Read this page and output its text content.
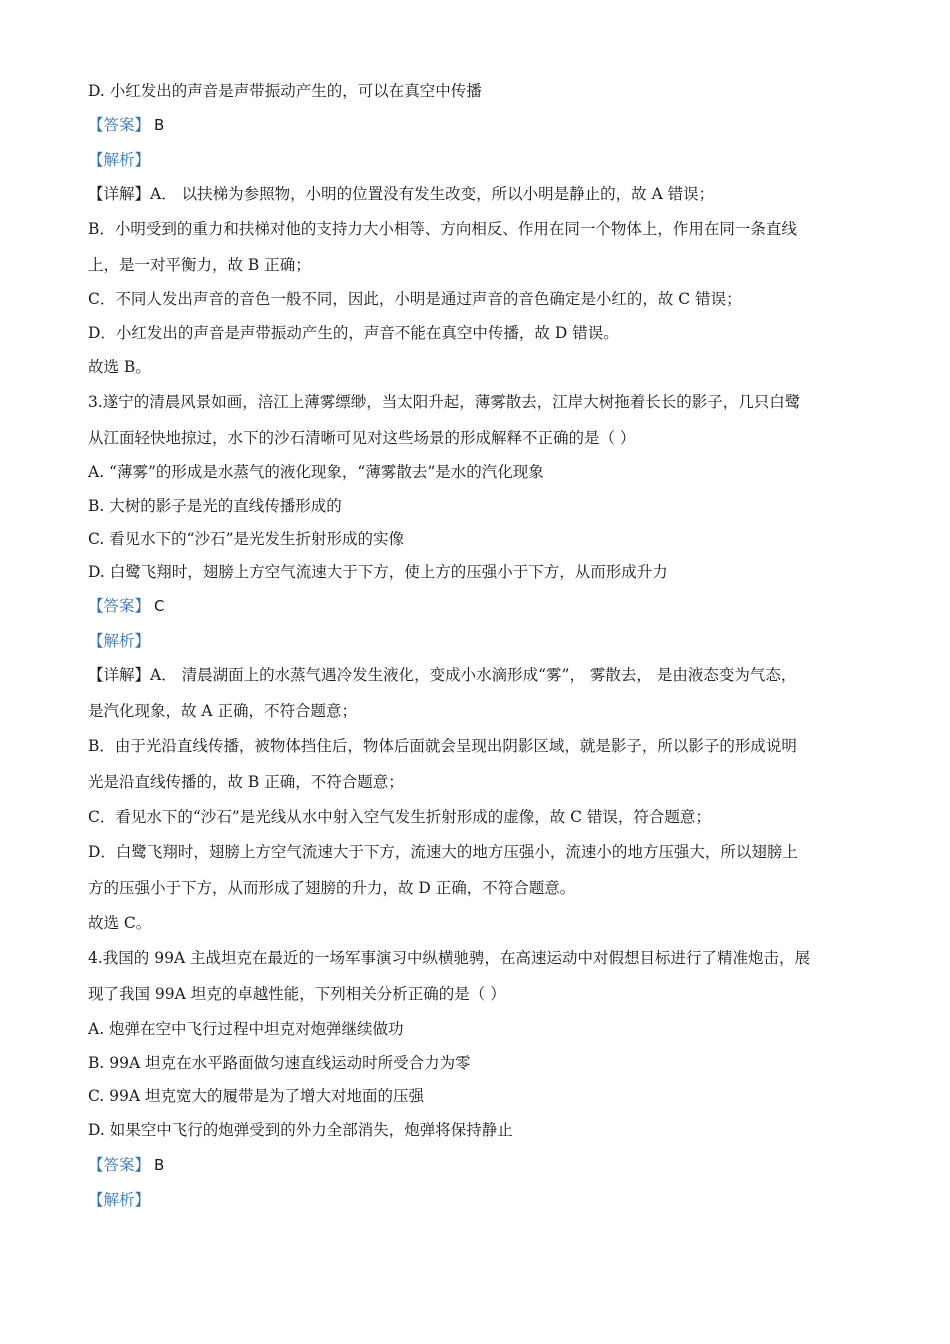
D. 小红发出的声音是声带振动产生的，可以在真空中传播
【答案】 B
【解析】
【详解】A． 以扶梯为参照物，小明的位置没有发生改变，所以小明是静止的，故 A 错误；
B．小明受到的重力和扶梯对他的支持力大小相等、方向相反、作用在同一个物体上，作用在同一条直线
上，是一对平衡力，故 B 正确；
C．不同人发出声音的音色一般不同，因此，小明是通过声音的音色确定是小红的，故 C 错误；
D．小红发出的声音是声带振动产生的，声音不能在真空中传播，故 D 错误。
故选 B。
3.遂宁的清晨风景如画，涪江上薄雾缥缈，当太阳升起，薄雾散去，江岸大树拖着长长的影子，几只白鹭
从江面轻快地掠过，水下的沙石清晰可见对这些场景的形成解释不正确的是（ ）
A. “薄雾”的形成是水蒸气的液化现象，“薄雾散去”是水的汽化现象
B. 大树的影子是光的直线传播形成的
C. 看见水下的“沙石”是光发生折射形成的实像
D. 白鹭飞翔时，翅膀上方空气流速大于下方，使上方的压强小于下方，从而形成升力
【答案】 C
【解析】
【详解】A． 清晨湖面上的水蒸气遇冷发生液化，变成小水滴形成“雾”， 雾散去， 是由液态变为气态，
是汽化现象，故 A 正确，不符合题意；
B．由于光沿直线传播，被物体挡住后，物体后面就会呈现出阴影区域，就是影子，所以影子的形成说明
光是沿直线传播的，故 B 正确，不符合题意；
C．看见水下的“沙石”是光线从水中射入空气发生折射形成的虚像，故 C 错误，符合题意；
D．白鹭飞翔时，翅膀上方空气流速大于下方，流速大的地方压强小，流速小的地方压强大，所以翅膀上
方的压强小于下方，从而形成了翅膀的升力，故 D 正确，不符合题意。
故选 C。
4.我国的 99A 主战坦克在最近的一场军事演习中纵横驰骋，在高速运动中对假想目标进行了精准炮击，展
现了我国 99A 坦克的卓越性能，下列相关分析正确的是（ ）
A. 炮弹在空中飞行过程中坦克对炮弹继续做功
B. 99A 坦克在水平路面做匀速直线运动时所受合力为零
C. 99A 坦克宽大的履带是为了增大对地面的压强
D. 如果空中飞行的炮弹受到的外力全部消失，炮弹将保持静止
【答案】 B
【解析】
